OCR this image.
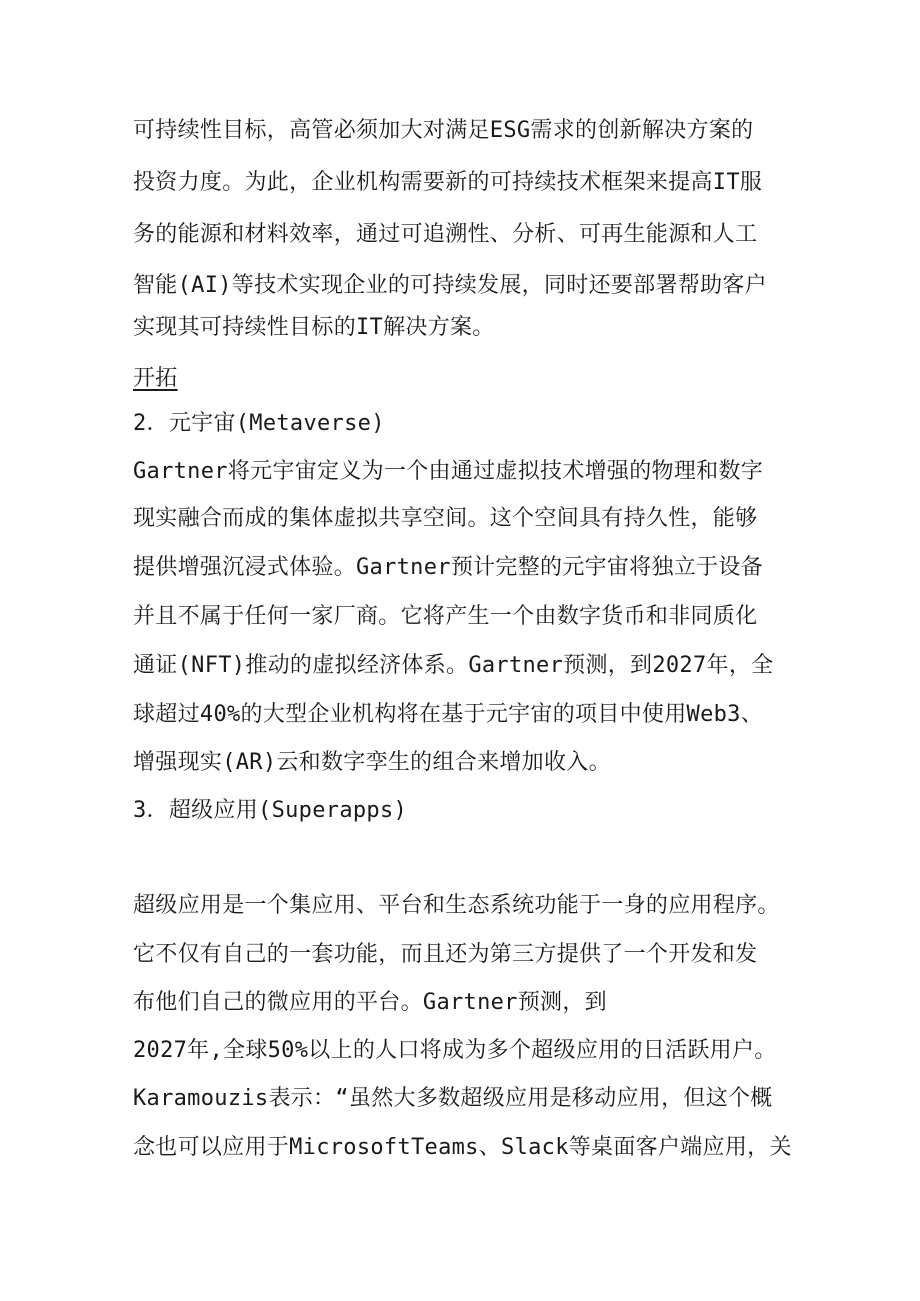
可持续性目标，高管必须加大对满足ESG需求的创新解决方案的
投资力度。为此，企业机构需要新的可持续技术框架来提高IT服
务的能源和材料效率，通过可追溯性、分析、可再生能源和人工
智能(AI)等技术实现企业的可持续发展，同时还要部署帮助客户
实现其可持续性目标的IT解决方案。
开拓
2．元宇宙(Metaverse)
Gartner将元宇宙定义为一个由通过虚拟技术增强的物理和数字
现实融合而成的集体虚拟共享空间。这个空间具有持久性，能够
提供增强沉浸式体验。Gartner预计完整的元宇宙将独立于设备
并且不属于任何一家厂商。它将产生一个由数字货币和非同质化
通证(NFT)推动的虚拟经济体系。Gartner预测，到2027年，全
球超过40%的大型企业机构将在基于元宇宙的项目中使用Web3、
增强现实(AR)云和数字孪生的组合来增加收入。
3．超级应用(Superapps)
超级应用是一个集应用、平台和生态系统功能于一身的应用程序。
它不仅有自己的一套功能，而且还为第三方提供了一个开发和发
布他们自己的微应用的平台。Gartner预测，到
2027年,全球50%以上的人口将成为多个超级应用的日活跃用户。
Karamouzis表示：“虽然大多数超级应用是移动应用，但这个概
念也可以应用于MicrosoftTeams、Slack等桌面客户端应用，关
